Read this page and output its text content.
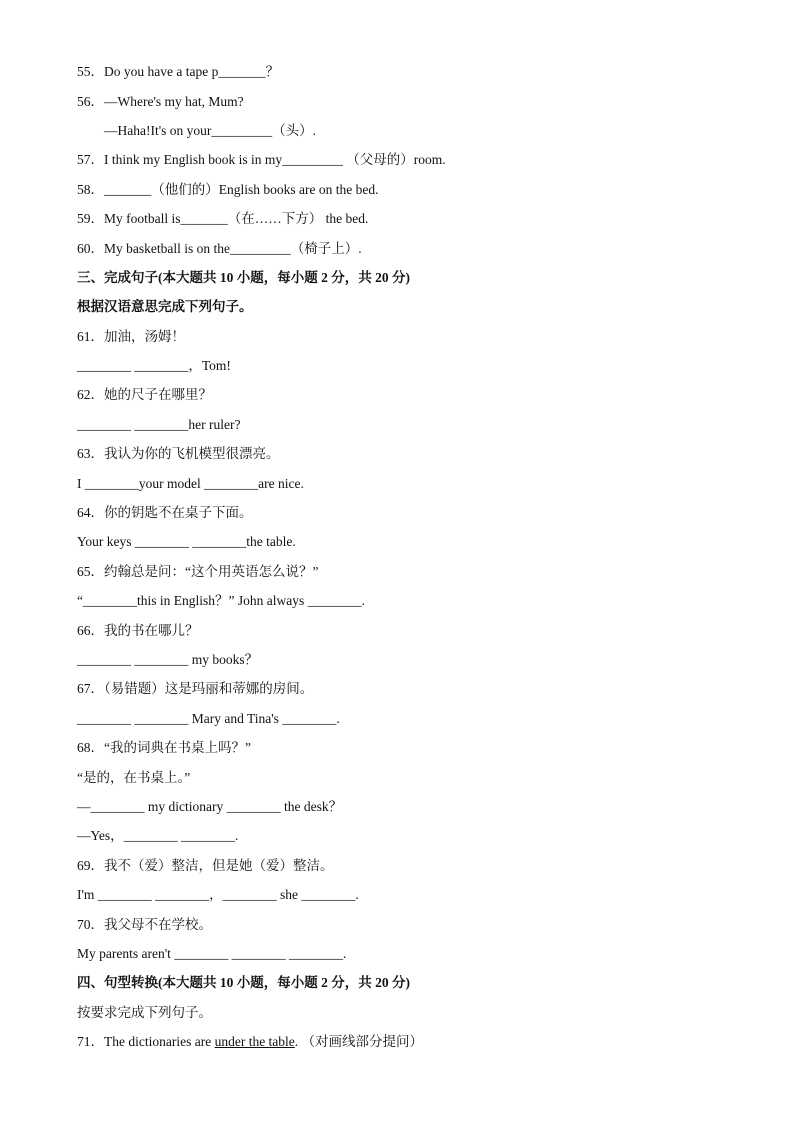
55．Do you have a tape p_______？
56．—Where's my hat, Mum?
—Haha!It's on your_________（头）.
57．I think my English book is in my_________ （父母的）room.
58．_______（他们的）English books are on the bed.
59．My football is_______（在……下方） the bed.
60．My basketball is on the_________（椅子上）.
三、完成句子(本大题共 10 小题，每小题 2 分，共 20 分)
根据汉语意思完成下列句子。
61．加油，汤姆！
________ ________，Tom!
62．她的尺子在哪里？
________ ________her ruler?
63．我认为你的飞机模型很漂亮。
I ________your model ________are nice.
64．你的钥匙不在桌子下面。
Your keys ________ ________the table.
65．约翰总是问：“这个用英语怎么说？”
“________this in English？” John always ________.
66．我的书在哪儿？
________ ________ my books？
67．（易错题）这是玛丽和蒂娜的房间。
________ ________ Mary and Tina's ________.
68．“我的词典在书桌上吗？”
“是的，在书桌上。”
—________ my dictionary ________ the desk？
—Yes，________ ________.
69．我不（爱）整洁，但是她（爱）整洁。
I'm ________ ________，________ she ________.
70．我父母不在学校。
My parents aren't ________ ________ ________.
四、句型转换(本大题共 10 小题，每小题 2 分，共 20 分)
按要求完成下列句子。
71．The dictionaries are under the table. （对画线部分提问）
